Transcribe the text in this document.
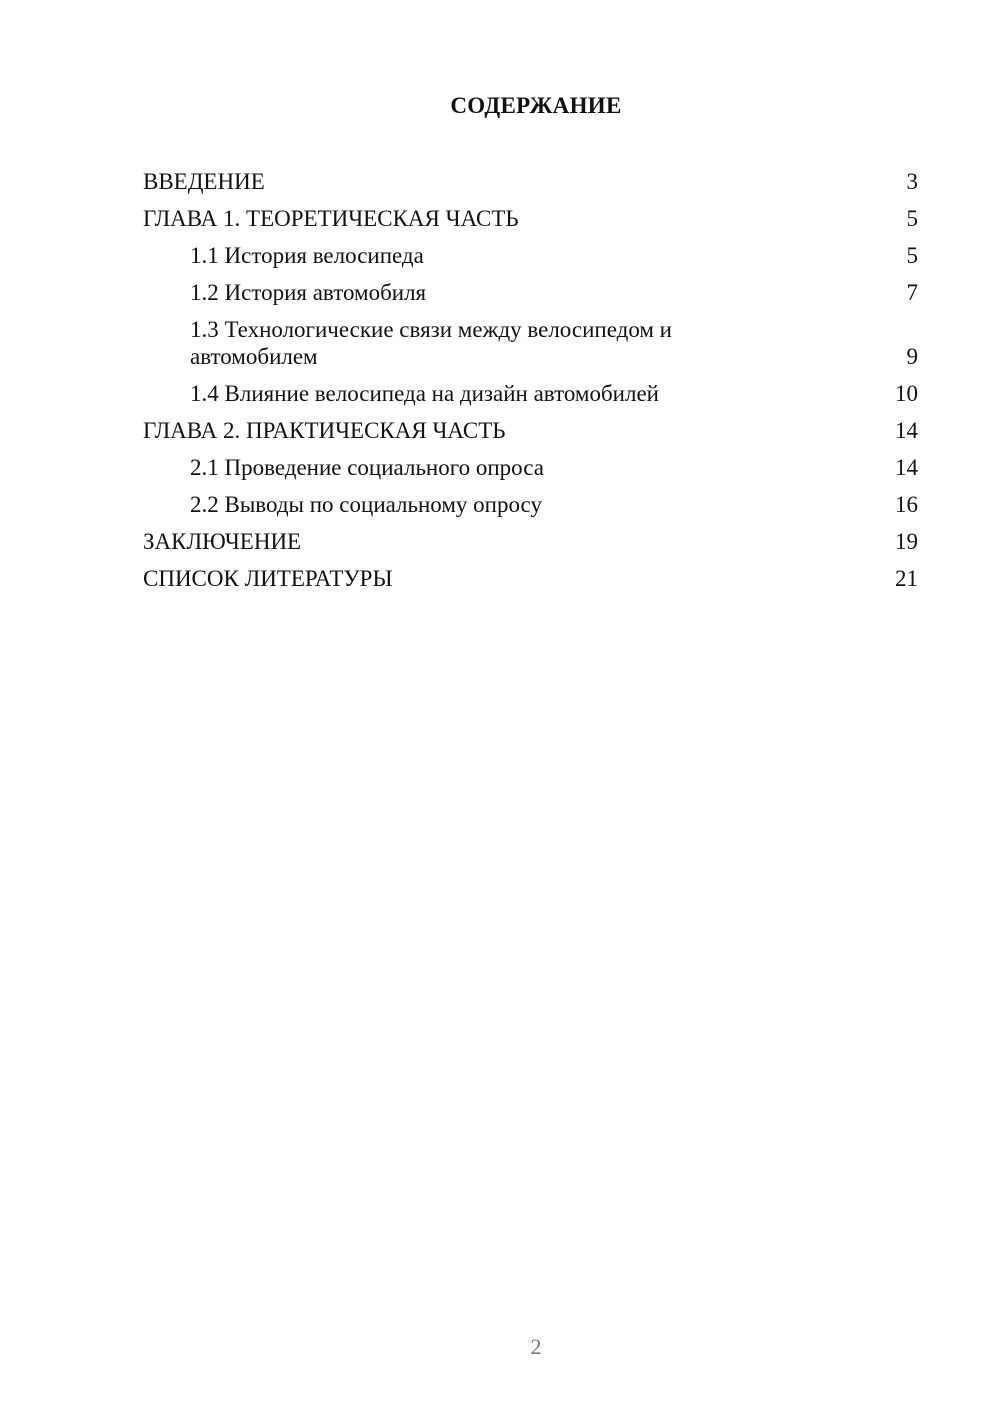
СОДЕРЖАНИЕ
ВВЕДЕНИЕ	3
ГЛАВА 1. ТЕОРЕТИЧЕСКАЯ ЧАСТЬ	5
1.1 История велосипеда	5
1.2 История автомобиля	7
1.3 Технологические связи между велосипедом и автомобилем	9
1.4 Влияние велосипеда на дизайн автомобилей	10
ГЛАВА 2. ПРАКТИЧЕСКАЯ ЧАСТЬ	14
2.1 Проведение социального опроса	14
2.2 Выводы по социальному опросу	16
ЗАКЛЮЧЕНИЕ	19
СПИСОК ЛИТЕРАТУРЫ	21
2
